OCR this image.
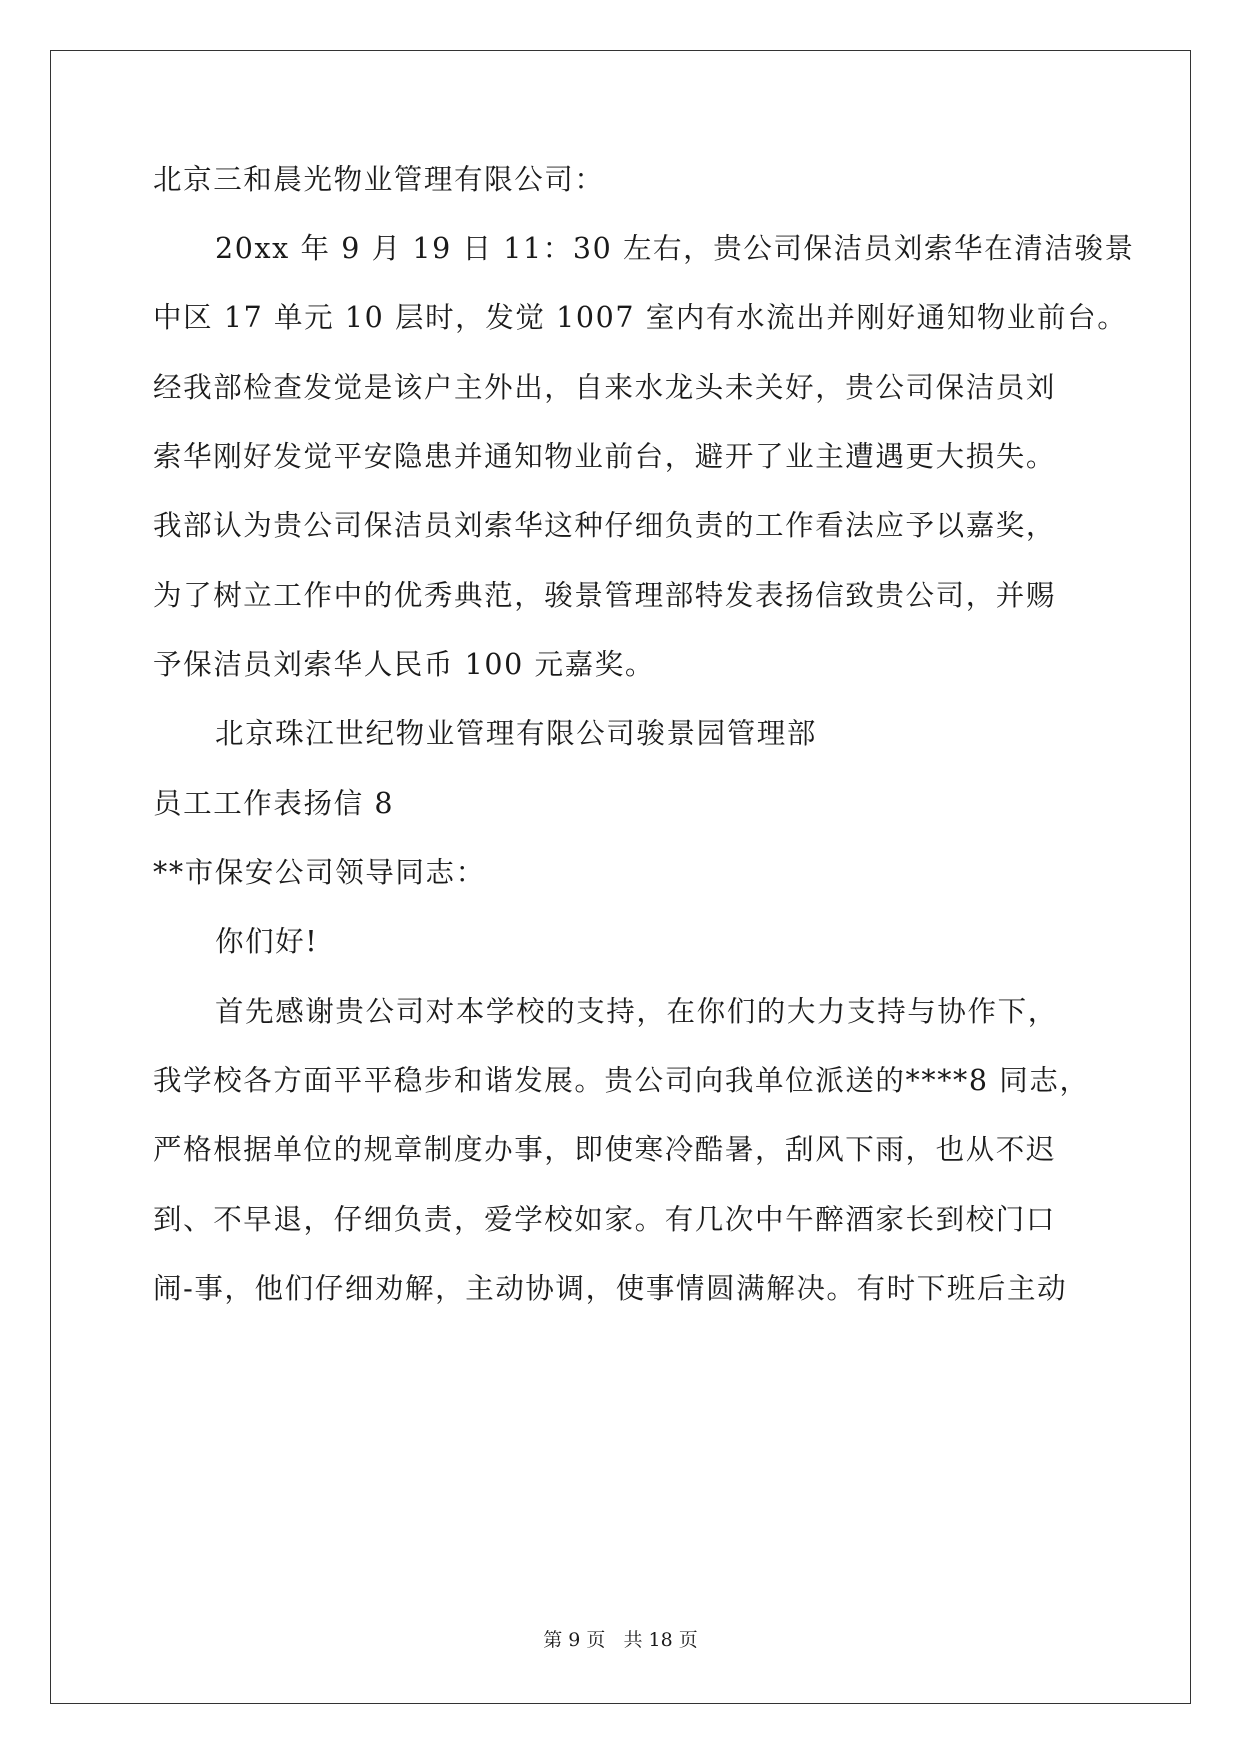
北京三和晨光物业管理有限公司：
20xx 年 9 月 19 日 11：30 左右，贵公司保洁员刘索华在清洁骏景
中区 17 单元 10 层时，发觉 1007 室内有水流出并刚好通知物业前台。
经我部检查发觉是该户主外出，自来水龙头未关好，贵公司保洁员刘
索华刚好发觉平安隐患并通知物业前台，避开了业主遭遇更大损失。
我部认为贵公司保洁员刘索华这种仔细负责的工作看法应予以嘉奖，
为了树立工作中的优秀典范，骏景管理部特发表扬信致贵公司，并赐
予保洁员刘索华人民币 100 元嘉奖。
北京珠江世纪物业管理有限公司骏景园管理部
员工工作表扬信 8
**市保安公司领导同志：
你们好!
首先感谢贵公司对本学校的支持，在你们的大力支持与协作下，
我学校各方面平平稳步和谐发展。贵公司向我单位派送的****8 同志，
严格根据单位的规章制度办事，即使寒冷酷暑，刮风下雨，也从不迟
到、不早退，仔细负责，爱学校如家。有几次中午醉酒家长到校门口
闹-事，他们仔细劝解，主动协调，使事情圆满解决。有时下班后主动
第 9 页 共 18 页
